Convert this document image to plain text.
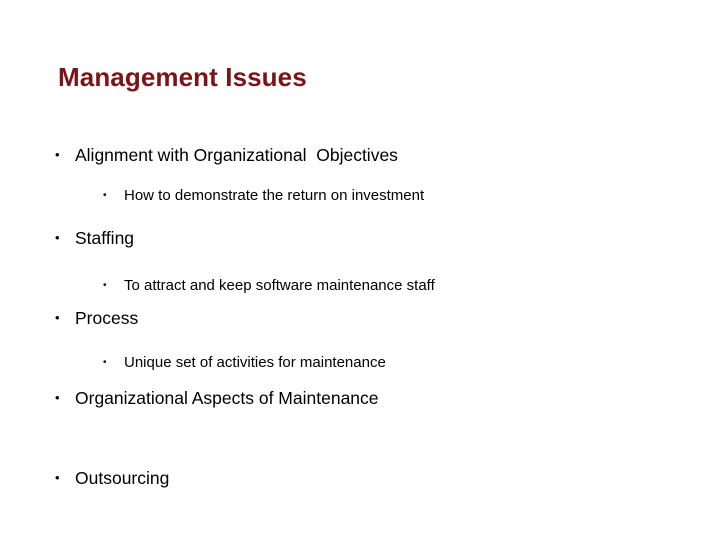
Management Issues
• Alignment with Organizational  Objectives
• How to demonstrate the return on investment
• Staffing
• To attract and keep software maintenance staff
• Process
• Unique set of activities for maintenance
• Organizational Aspects of Maintenance
• Outsourcing
